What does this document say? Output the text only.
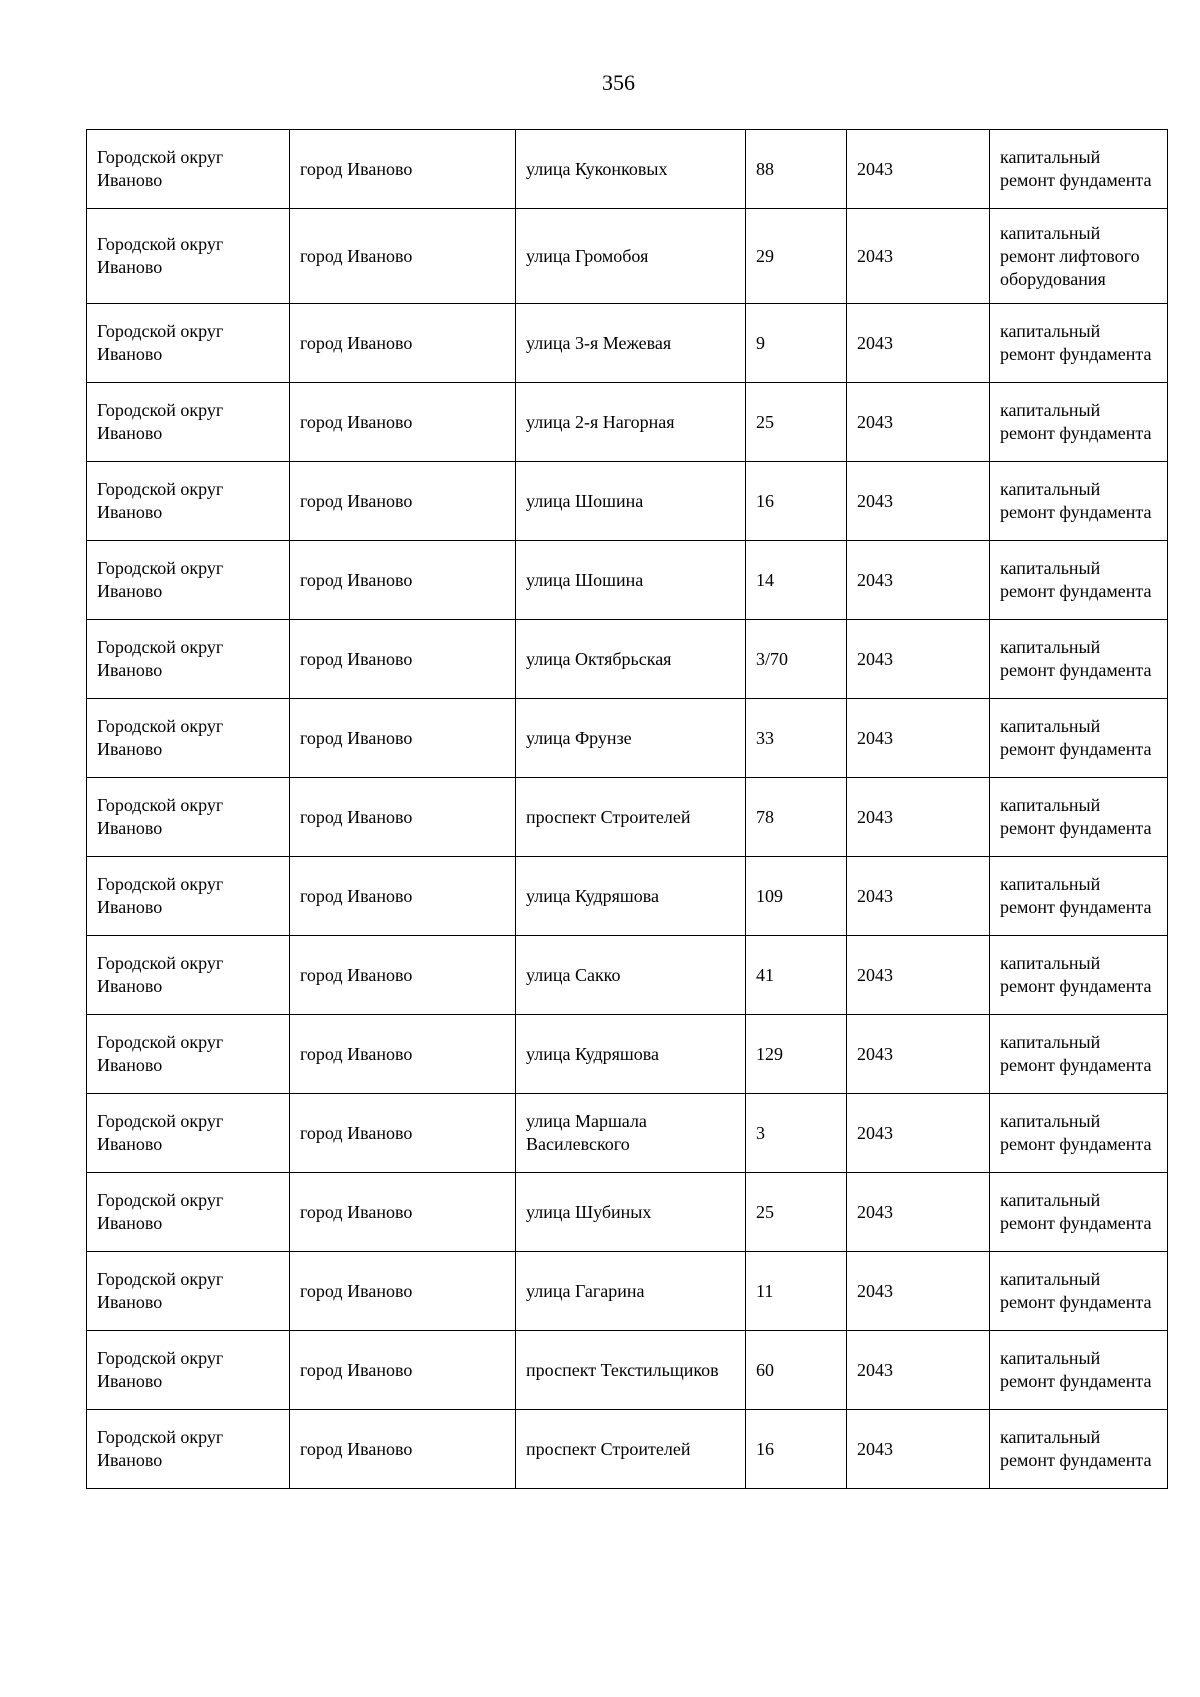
356
Городской округ Иваново	город Иваново	улица Куконковых	88	2043	капитальный ремонт фундамента
Городской округ Иваново	город Иваново	улица Громобоя	29	2043	капитальный ремонт лифтового оборудования
Городской округ Иваново	город Иваново	улица 3-я Межевая	9	2043	капитальный ремонт фундамента
Городской округ Иваново	город Иваново	улица 2-я Нагорная	25	2043	капитальный ремонт фундамента
Городской округ Иваново	город Иваново	улица Шошина	16	2043	капитальный ремонт фундамента
Городской округ Иваново	город Иваново	улица Шошина	14	2043	капитальный ремонт фундамента
Городской округ Иваново	город Иваново	улица Октябрьская	3/70	2043	капитальный ремонт фундамента
Городской округ Иваново	город Иваново	улица Фрунзе	33	2043	капитальный ремонт фундамента
Городской округ Иваново	город Иваново	проспект Строителей	78	2043	капитальный ремонт фундамента
Городской округ Иваново	город Иваново	улица Кудряшова	109	2043	капитальный ремонт фундамента
Городской округ Иваново	город Иваново	улица Сакко	41	2043	капитальный ремонт фундамента
Городской округ Иваново	город Иваново	улица Кудряшова	129	2043	капитальный ремонт фундамента
Городской округ Иваново	город Иваново	улица Маршала Василевского	3	2043	капитальный ремонт фундамента
Городской округ Иваново	город Иваново	улица Шубиных	25	2043	капитальный ремонт фундамента
Городской округ Иваново	город Иваново	улица Гагарина	11	2043	капитальный ремонт фундамента
Городской округ Иваново	город Иваново	проспект Текстильщиков	60	2043	капитальный ремонт фундамента
Городской округ Иваново	город Иваново	проспект Строителей	16	2043	капитальный ремонт фундамента
